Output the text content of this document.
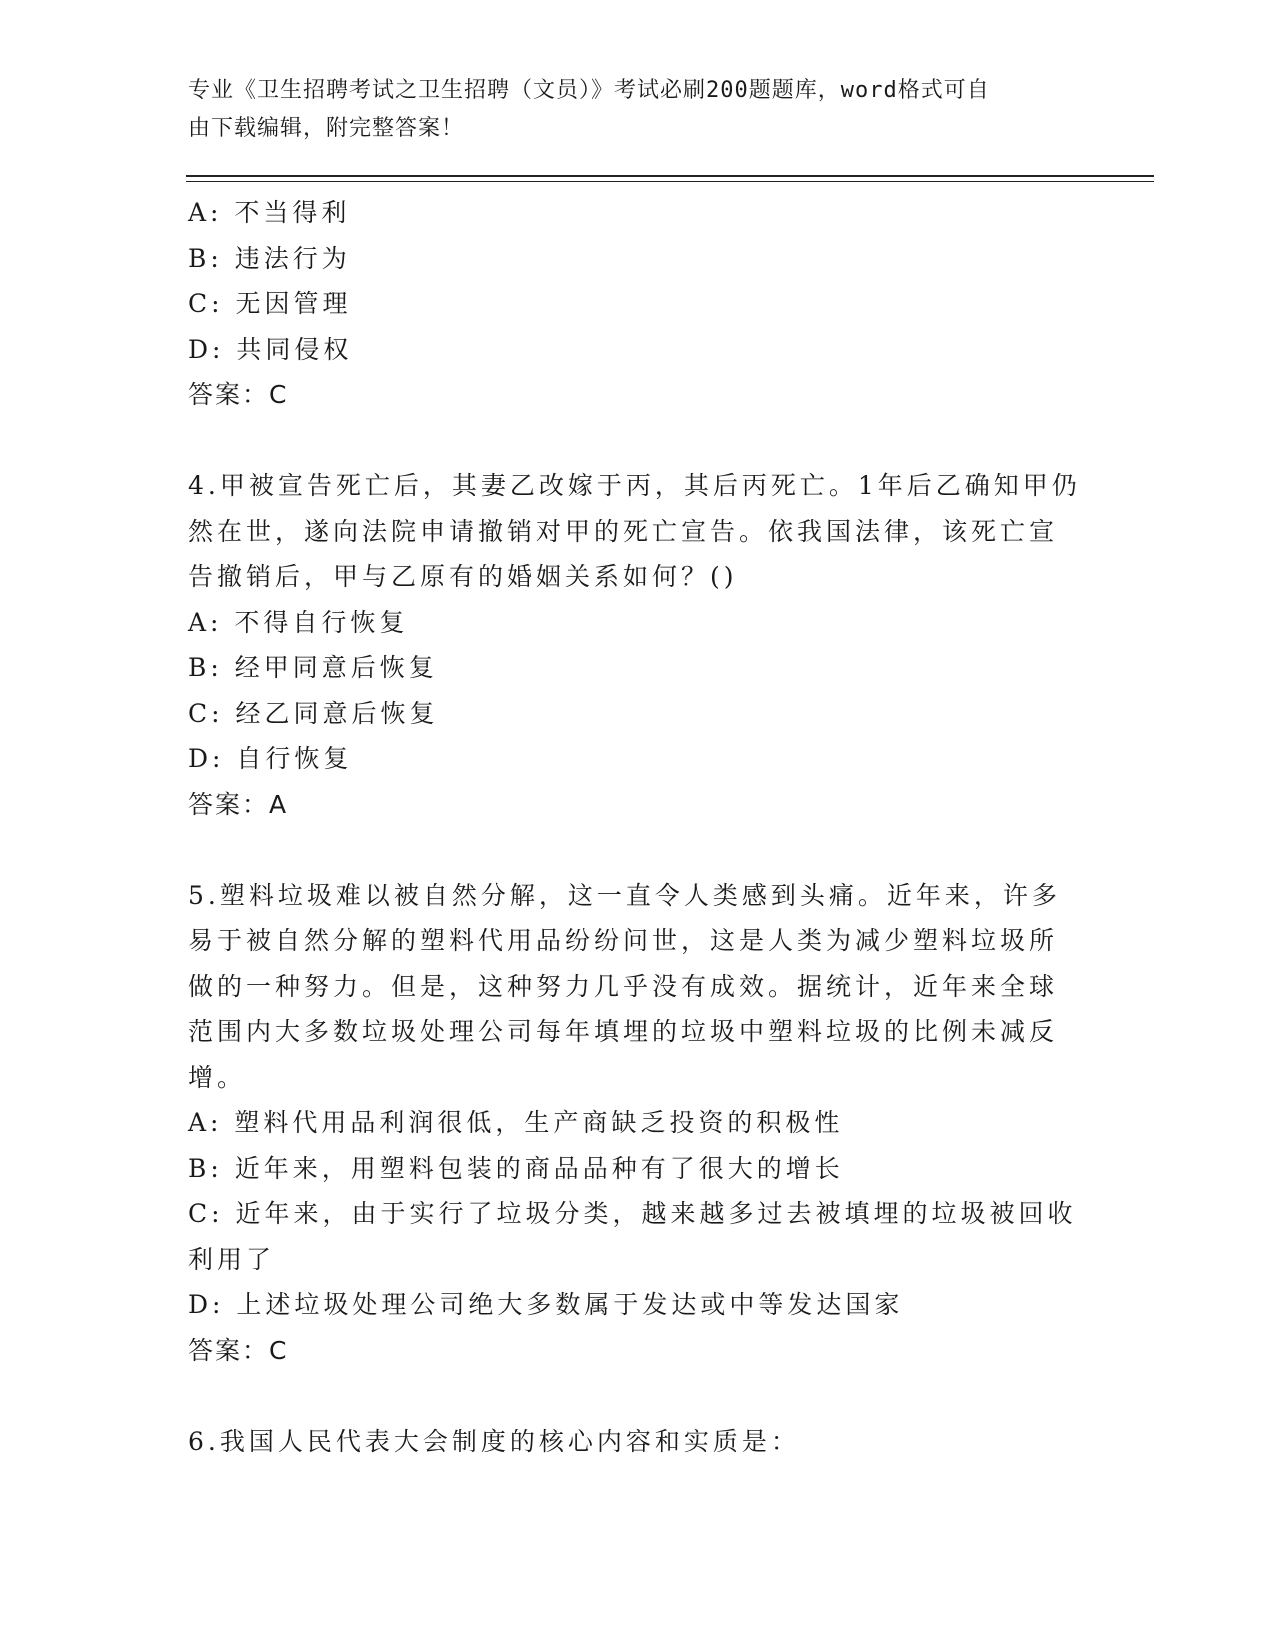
专业《卫生招聘考试之卫生招聘（文员）》考试必刷200题题库，word格式可自
由下载编辑，附完整答案！
A: 不当得利
B: 违法行为
C: 无因管理
D: 共同侵权
答案：C
4.甲被宣告死亡后，其妻乙改嫁于丙，其后丙死亡。1年后乙确知甲仍
然在世，遂向法院申请撤销对甲的死亡宣告。依我国法律，该死亡宣
告撤销后，甲与乙原有的婚姻关系如何？()
A: 不得自行恢复
B: 经甲同意后恢复
C: 经乙同意后恢复
D: 自行恢复
答案：A
5.塑料垃圾难以被自然分解，这一直令人类感到头痛。近年来，许多
易于被自然分解的塑料代用品纷纷问世，这是人类为减少塑料垃圾所
做的一种努力。但是，这种努力几乎没有成效。据统计，近年来全球
范围内大多数垃圾处理公司每年填埋的垃圾中塑料垃圾的比例未减反
增。
A: 塑料代用品利润很低，生产商缺乏投资的积极性
B: 近年来，用塑料包装的商品品种有了很大的增长
C: 近年来，由于实行了垃圾分类，越来越多过去被填埋的垃圾被回收
利用了
D: 上述垃圾处理公司绝大多数属于发达或中等发达国家
答案：C
6.我国人民代表大会制度的核心内容和实质是：
